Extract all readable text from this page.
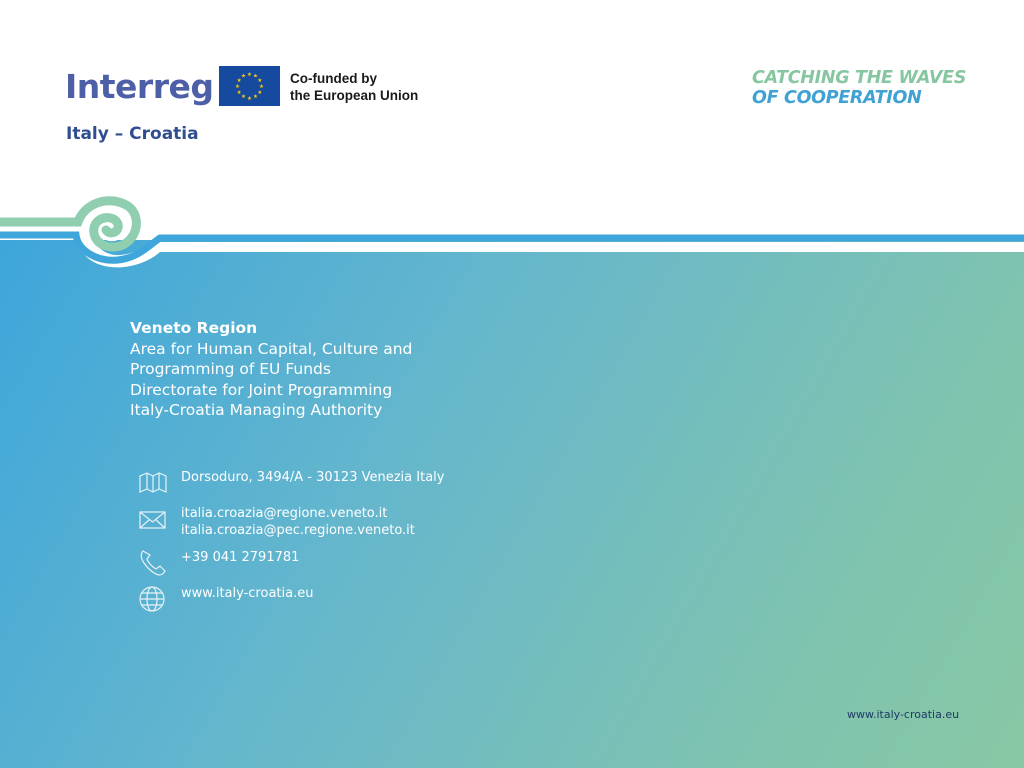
Interreg
Italy – Croatia
★ ★
★
★
★
★
★
★
★
★
★
★	Co-funded by
the European Union
CATCHING THE WAVES
OF COOPERATION
Veneto Region
Area for Human Capital, Culture and
Programming of EU Funds
Directorate for Joint Programming
Italy-Croatia Managing Authority
Dorsoduro, 3494/A - 30123 Venezia Italy
italia.croazia@regione.veneto.it
italia.croazia@pec.regione.veneto.it
+39 041 2791781
www.italy-croatia.eu
www.italy-croatia.eu
